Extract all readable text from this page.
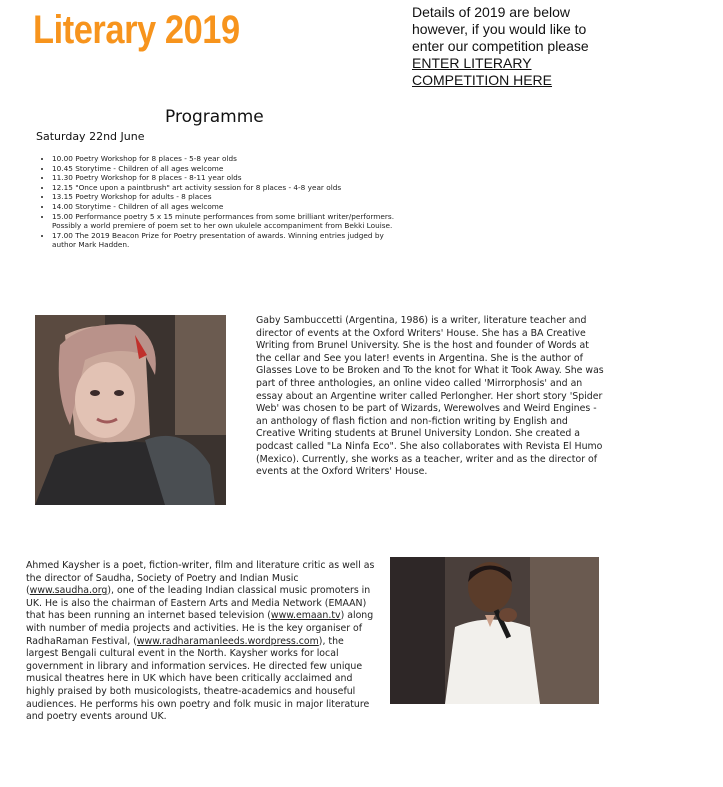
Literary 2019	Details of 2019 are below however, if you would like to enter our competition please ENTER LITERARY COMPETITION HERE
Programme
Saturday 22nd June
• 10.00 Poetry Workshop for 8 places - 5-8 year olds
• 10.45 Storytime - Children of all ages welcome
• 11.30 Poetry Workshop for 8 places - 8-11 year olds
• 12.15 "Once upon a paintbrush" art activity session for 8 places - 4-8 year olds
• 13.15 Poetry Workshop for adults - 8 places
• 14.00 Storytime - Children of all ages welcome
• 15.00 Performance poetry 5 x 15 minute performances from some brilliant writer/performers. Possibly a world premiere of poem set to her own ukulele accompaniment from Bekki Louise.
• 17.00 The 2019 Beacon Prize for Poetry presentation of awards. Winning entries judged by author Mark Hadden.

Gaby Sambuccetti (Argentina, 1986) is a writer, literature teacher and director of events at the Oxford Writers' House. She has a BA Creative Writing from Brunel University. She is the host and founder of Words at the cellar and See you later! events in Argentina. She is the author of Glasses Love to be Broken and To the knot for What it Took Away. She was part of three anthologies, an online video called 'Mirrorphosis' and an essay about an Argentine writer called Perlongher. Her short story 'Spider Web' was chosen to be part of Wizards, Werewolves and Weird Engines - an anthology of flash fiction and non-fiction writing by English and Creative Writing students at Brunel University London. She created a podcast called "La Ninfa Eco". She also collaborates with Revista El Humo (Mexico). Currently, she works as a teacher, writer and as the director of events at the Oxford Writers' House.

Ahmed Kaysher is a poet, fiction-writer, film and literature critic as well as the director of Saudha, Society of Poetry and Indian Music (www.saudha.org), one of the leading Indian classical music promoters in UK. He is also the chairman of Eastern Arts and Media Network (EMAAN) that has been running an internet based television (www.emaan.tv) along with number of media projects and activities. He is the key organiser of RadhaRaman Festival, (www.radharamanleeds.wordpress.com), the largest Bengali cultural event in the North. Kaysher works for local government in library and information services. He directed few unique musical theatres here in UK which have been critically acclaimed and highly praised by both musicologists, theatre-academics and houseful audiences. He performs his own poetry and folk music in major literature and poetry events around UK.
